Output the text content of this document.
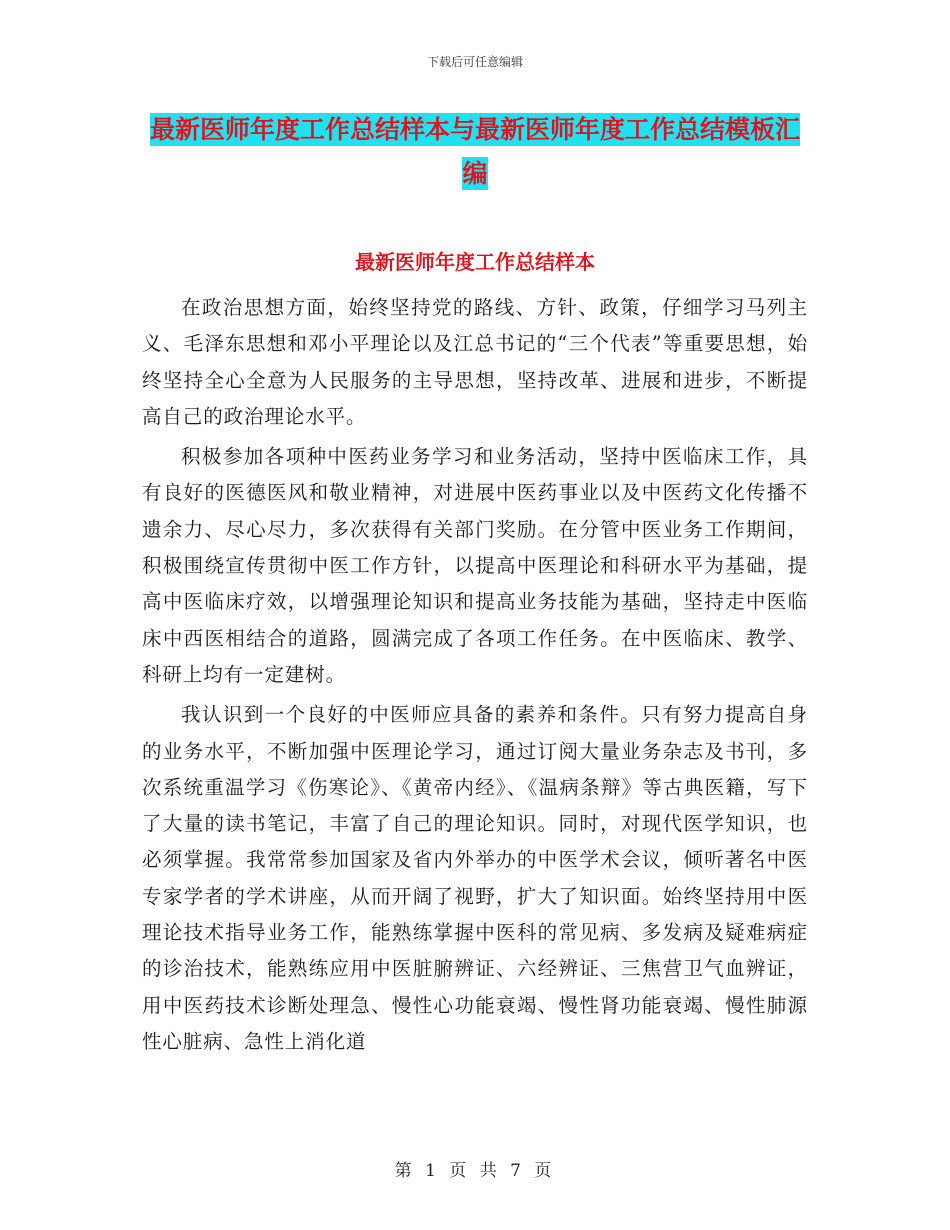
下载后可任意编辑
最新医师年度工作总结样本与最新医师年度工作总结模板汇编
最新医师年度工作总结样本

在政治思想方面，始终坚持党的路线、方针、政策，仔细学习马列主义、毛泽东思想和邓小平理论以及江总书记的“三个代表”等重要思想，始终坚持全心全意为人民服务的主导思想，坚持改革、进展和进步，不断提高自己的政治理论水平。

积极参加各项种中医药业务学习和业务活动，坚持中医临床工作，具有良好的医德医风和敬业精神，对进展中医药事业以及中医药文化传播不遗余力、尽心尽力，多次获得有关部门奖励。在分管中医业务工作期间，积极围绕宣传贯彻中医工作方针，以提高中医理论和科研水平为基础，提高中医临床疗效，以增强理论知识和提高业务技能为基础，坚持走中医临床中西医相结合的道路，圆满完成了各项工作任务。在中医临床、教学、科研上均有一定建树。

我认识到一个良好的中医师应具备的素养和条件。只有努力提高自身的业务水平，不断加强中医理论学习，通过订阅大量业务杂志及书刊，多次系统重温学习《伤寒论》、《黄帝内经》、《温病条辩》等古典医籍，写下了大量的读书笔记，丰富了自己的理论知识。同时，对现代医学知识，也必须掌握。我常常参加国家及省内外举办的中医学术会议，倾听著名中医专家学者的学术讲座，从而开阔了视野，扩大了知识面。始终坚持用中医理论技术指导业务工作，能熟练掌握中医科的常见病、多发病及疑难病症的诊治技术，能熟练应用中医脏腑辨证、六经辨证、三焦营卫气血辨证，用中医药技术诊断处理急、慢性心功能衰竭、慢性肾功能衰竭、慢性肺源性心脏病、急性上消化道

第 1 页 共 7 页
